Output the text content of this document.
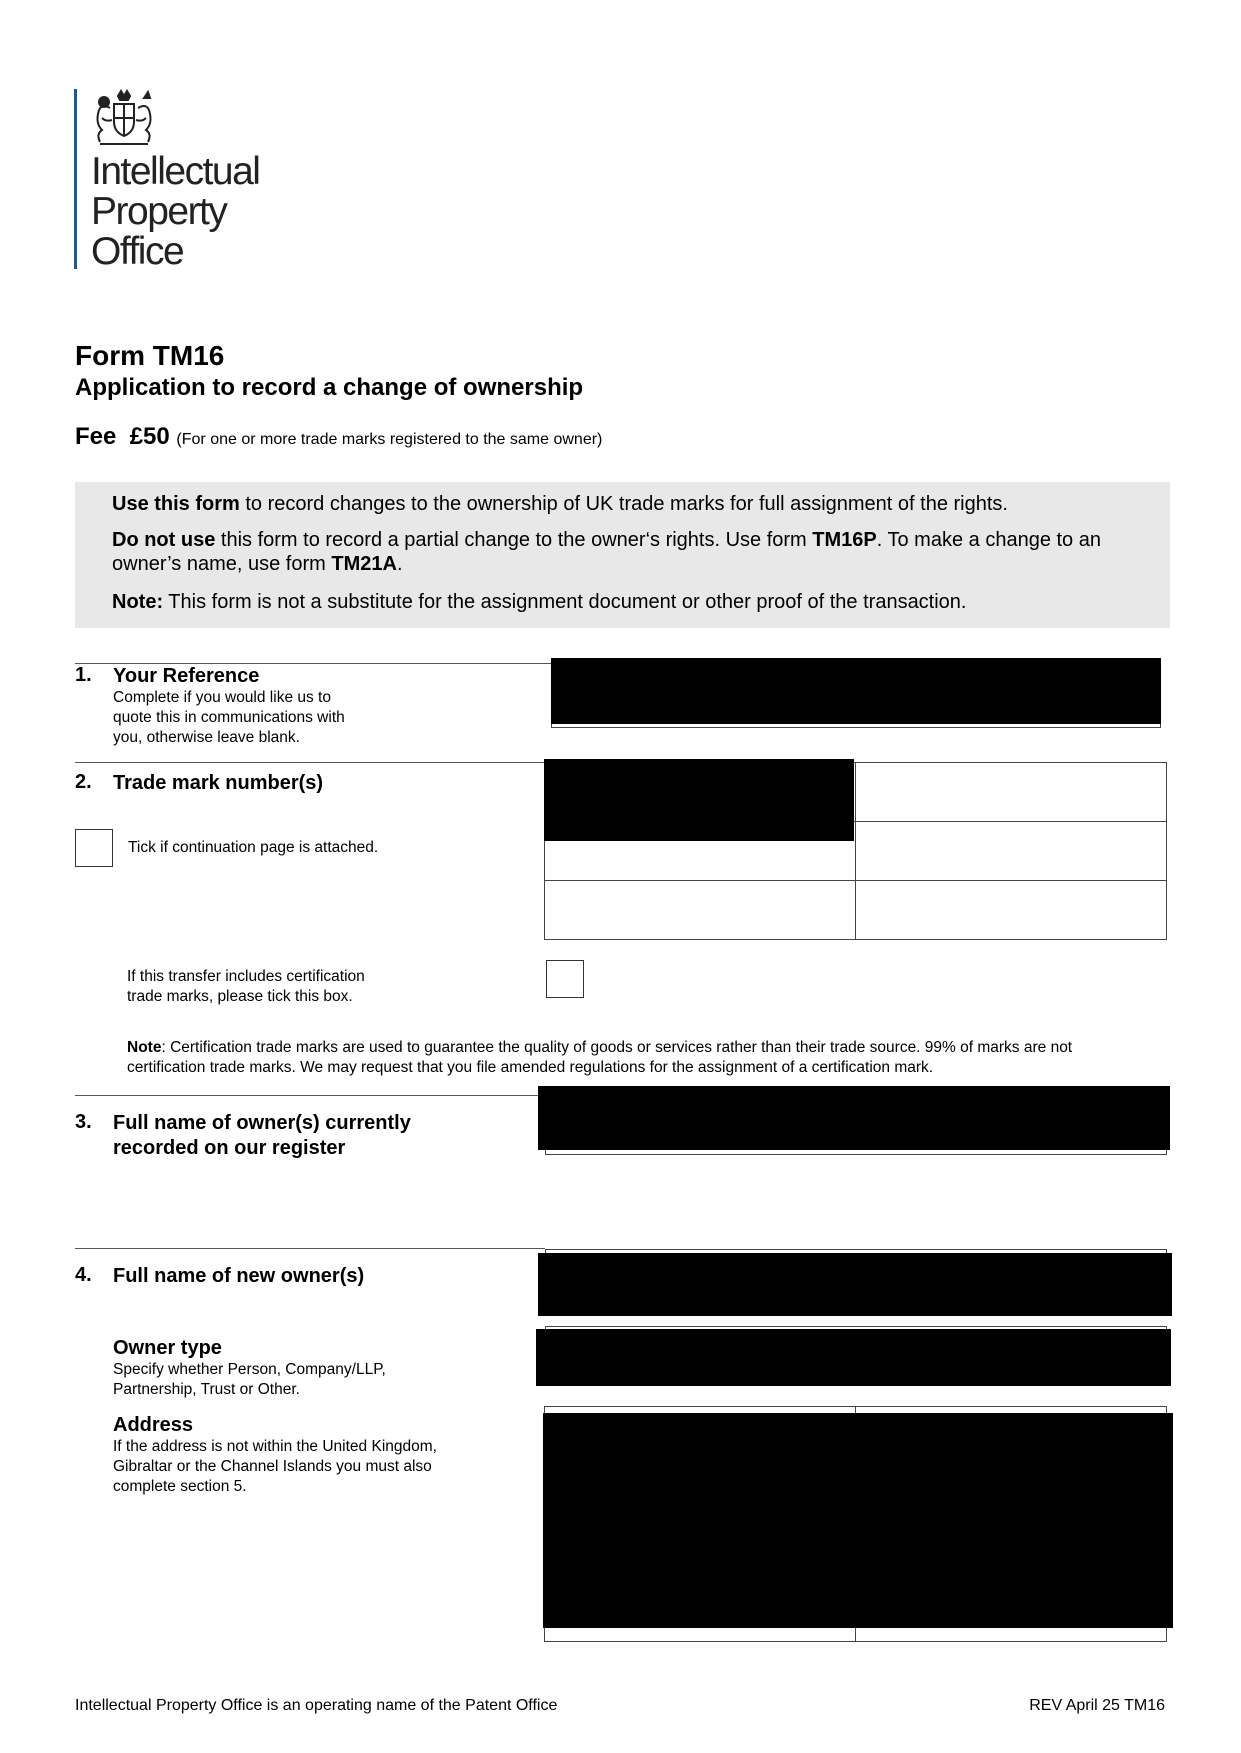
Intellectual
Property
Office
Form TM16
Application to record a change of ownership
Fee £50 (For one or more trade marks registered to the same owner)
Use this form to record changes to the ownership of UK trade marks for full assignment of the rights.
Do not use this form to record a partial change to the owner‘s rights. Use form TM16P. To make a change to an owner’s name, use form TM21A.
Note: This form is not a substitute for the assignment document or other proof of the transaction.
1. Your Reference
Complete if you would like us to
quote this in communications with
you, otherwise leave blank.
2. Trade mark number(s)
Tick if continuation page is attached.
If this transfer includes certification
trade marks, please tick this box.
Note: Certification trade marks are used to guarantee the quality of goods or services rather than their trade source. 99% of marks are not
certification trade marks. We may request that you file amended regulations for the assignment of a certification mark.
3. Full name of owner(s) currently
recorded on our register
4. Full name of new owner(s)
Owner type
Specify whether Person, Company/LLP,
Partnership, Trust or Other.
Address
If the address is not within the United Kingdom,
Gibraltar or the Channel Islands you must also
complete section 5.
Intellectual Property Office is an operating name of the Patent Office	REV April 25 TM16
